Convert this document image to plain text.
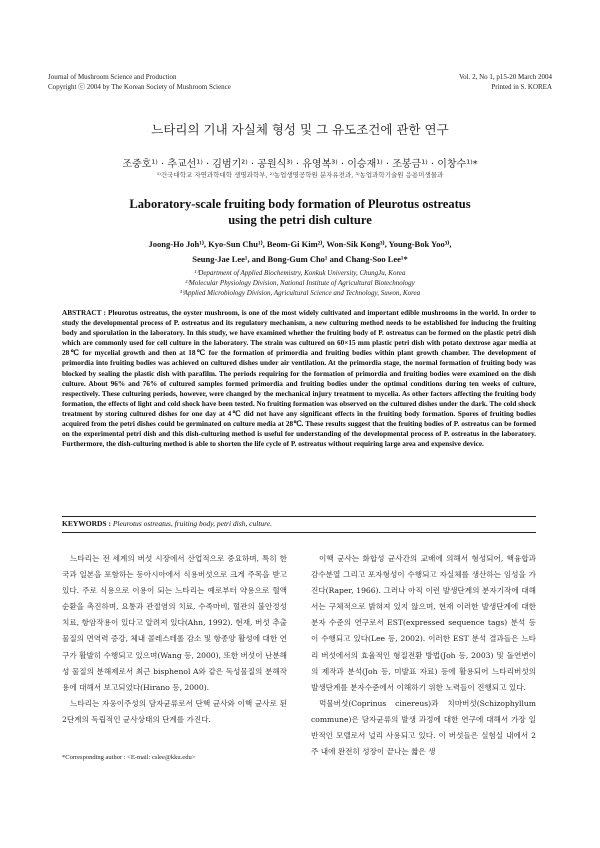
Journal of Mushroom Science and Production
Copyright ⓒ 2004 by The Korean Society of Mushroom Science
Vol. 2, No 1, p15-20 March 2004
Printed in S. KOREA
느타리의 기내 자실체 형성 및 그 유도조건에 관한 연구
조중호¹⁾ · 추교선¹⁾ · 김범기²⁾ · 공원식³⁾ · 유영복³⁾ · 이승재¹⁾ · 조봉금¹⁾ · 이창수¹⁾*
¹⁾건국대학교 자연과학대학 생명과학부, ²⁾농업생명공학원 분자유전과, ³⁾농업과학기술원 응용미생물과
Laboratory-scale fruiting body formation of Pleurotus ostreatus
using the petri dish culture
Joong-Ho Joh¹⁾, Kyo-Sun Chu¹⁾, Beom-Gi Kim²⁾, Won-Sik Kong³⁾, Young-Bok Yoo³⁾,
Seung-Jae Lee¹, and Bong-Gum Cho¹ and Chang-Soo Lee¹*
¹⁾Department of Applied Biochemistry, Konkuk University, ChungJu, Korea
²⁾Molecular Physiology Division, National Institute of Agricultural Biotechnology
³⁾Applied Microbiology Division, Agricultural Science and Technology, Suwon, Korea
ABSTRACT : Pleurotus ostreatus, the oyster mushroom, is one of the most widely cultivated and important edible mushrooms in the world. In order to study the developmental process of P. ostreatus and its regulatory mechanism, a new culturing method needs to be established for inducing the fruiting body and sporulation in the laboratory. In this study, we have examined whether the fruiting body of P. ostreatus can be formed on the plastic petri dish which are commonly used for cell culture in the laboratory. The strain was cultured on 60×15 mm plastic petri dish with potato dextrose agar media at 28℃ for mycelial growth and then at 18℃ for the formation of primordia and fruiting bodies within plant growth chamber. The development of primordia into fruiting bodies was achieved on cultured dishes under air ventilation. At the primordia stage, the normal formation of fruiting body was blocked by sealing the plastic dish with parafilm. The periods requiring for the formation of primordia and fruiting bodies were examined on the dish culture. About 96% and 76% of cultured samples formed primordia and fruiting bodies under the optimal conditions during ten weeks of culture, respectively. These culturing periods, however, were changed by the mechanical injury treatment to mycelia. As other factors affecting the fruiting body formation, the effects of light and cold shock have been tested. No fruiting formation was observed on the cultured dishes under the dark. The cold shock treatment by storing cultured dishes for one day at 4℃ did not have any significant effects in the fruiting body formation. Spores of fruiting bodies acquired from the petri dishes could be germinated on culture media at 28℃. These results suggest that the fruiting bodies of P. ostreatus can be formed on the experimental petri dish and this dish-culturing method is useful for understanding of the developmental process of P. ostreatus in the laboratory. Furthermore, the dish-culturing method is able to shorten the life cycle of P. ostreatus without requiring large area and expensive device.
KEYWORDS : Pleurotus ostreatus, fruiting body, petri dish, culture.

느타리는 전 세계의 버섯 시장에서 산업적으로 중요하며, 특히 한국과 일본을 포함하는 동아시아에서 식용버섯으로 크게 주목을 받고 있다. 주로 식용으로 이용이 되는 느타리는 예로부터 약용으로 혈액순환을 촉진하며, 요통과 관절염의 치료, 수족마비, 혈관의 불안정성 치료, 항암작용이 있다고 알려져 있다(Ahn, 1992). 현재, 버섯 추출물질의 면역력 증강, 체내 콜레스테롤 감소 및 항종양 활성에 대한 연구가 활발히 수행되고 있으며(Wang 등, 2000), 또한 버섯이 난분해성 물질의 분해제로서 최근 bisphenol A와 같은 독성물질의 분해작용에 대해서 보고되었다(Hirano 등, 2000).

느타리는 자웅이주성의 담자균류로서 단핵 균사와 이핵 균사로 된 2단계의 독립적인 균사상태의 단계를 가진다.

이핵 균사는 화합성 균사간의 교배에 의해서 형성되어, 핵융합과 감수분열 그리고 포자형성이 수행되고 자실체를 생산하는 임성을 가진다(Raper, 1966). 그러나 아직 이런 발생단계의 분자기작에 대해서는 구체적으로 밝혀져 있지 않으며, 현재 이러한 발생단계에 대한 분자 수준의 연구로서 EST(expressed sequence tags) 분석 등이 수행되고 있다(Lee 등, 2002). 이러한 EST 분석 결과들은 느타리 버섯에서의 효율적인 형질전환 방법(Joh 등, 2003) 및 돌연변이의 제작과 분석(Joh 등, 미발표 자료) 등에 활용되어 느타리버섯의 발생단계를 분자수준에서 이해하기 위한 노력들이 진행되고 있다.

먹물버섯(Coprinus cinereus)과 치마버섯(Schizophyllum commune)은 담자균류의 발생 과정에 대한 연구에 대해서 가장 일반적인 모델로서 널리 사용되고 있다. 이 버섯들은 실험실 내에서 2주 내에 완전히 성장이 끝나는 짧은 생

*Corresponding author : <E-mail: cslee@kku.edu>
